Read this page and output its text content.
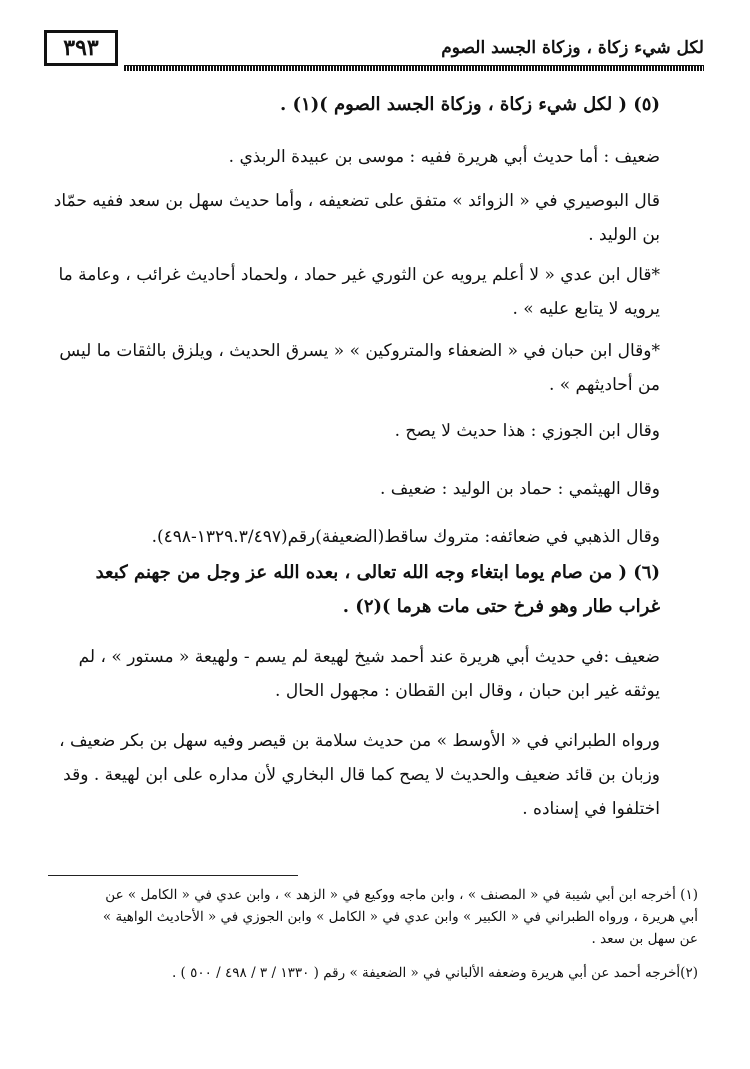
٣٩٣	لكل شيء زكاة ، وزكاة الجسد الصوم
(٥) ( لكل شيء زكاة ، وزكاة الجسد الصوم )(١) .
ضعيف : أما حديث أبي هريرة ففيه : موسى بن عبيدة الربذي .
قال البوصيري في « الزوائد » متفق على تضعيفه ، وأما حديث سهل بن سعد ففيه حمّاد بن الوليد .
*قال ابن عدي « لا أعلم يرويه عن الثوري غير حماد ، ولحماد أحاديث غرائب ، وعامة ما يرويه لا يتابع عليه » .
*وقال ابن حبان في « الضعفاء والمتروكين » « يسرق الحديث ، ويلزق بالثقات ما ليس من أحاديثهم » .
وقال ابن الجوزي : هذا حديث لا يصح .
وقال الهيثمي : حماد بن الوليد : ضعيف .
وقال الذهبي في ضعائفه: متروك ساقط(الضعيفة)رقم(١٣٢٩.٣/٤٩٧-٤٩٨).
(٦) ( من صام يوما ابتغاء وجه الله تعالى ، بعده الله عز وجل من جهنم كبعد غراب طار وهو فرخ حتى مات هرما )(٢) .
ضعيف :في حديث أبي هريرة عند أحمد شيخ لهيعة لم يسم - ولهيعة « مستور » ، لم يوثقه غير ابن حبان ، وقال ابن القطان : مجهول الحال .
ورواه الطبراني في « الأوسط » من حديث سلامة بن قيصر وفيه سهل بن بكر ضعيف ، وزبان بن قائد ضعيف والحديث لا يصح كما قال البخاري لأن مداره على ابن لهيعة . وقد اختلفوا في إسناده .
(١) أخرجه ابن أبي شيبة في « المصنف » ، وابن ماجه ووكيع في « الزهد » ، وابن عدي في « الكامل » عن أبي هريرة ، ورواه الطبراني في « الكبير » وابن عدي في « الكامل » وابن الجوزي في « الأحاديث الواهية » عن سهل بن سعد .
(٢)أخرجه أحمد عن أبي هريرة وضعفه الألباني في « الضعيفة » رقم ( ١٣٣٠ / ٣ / ٤٩٨ / ٥٠٠ ) .
